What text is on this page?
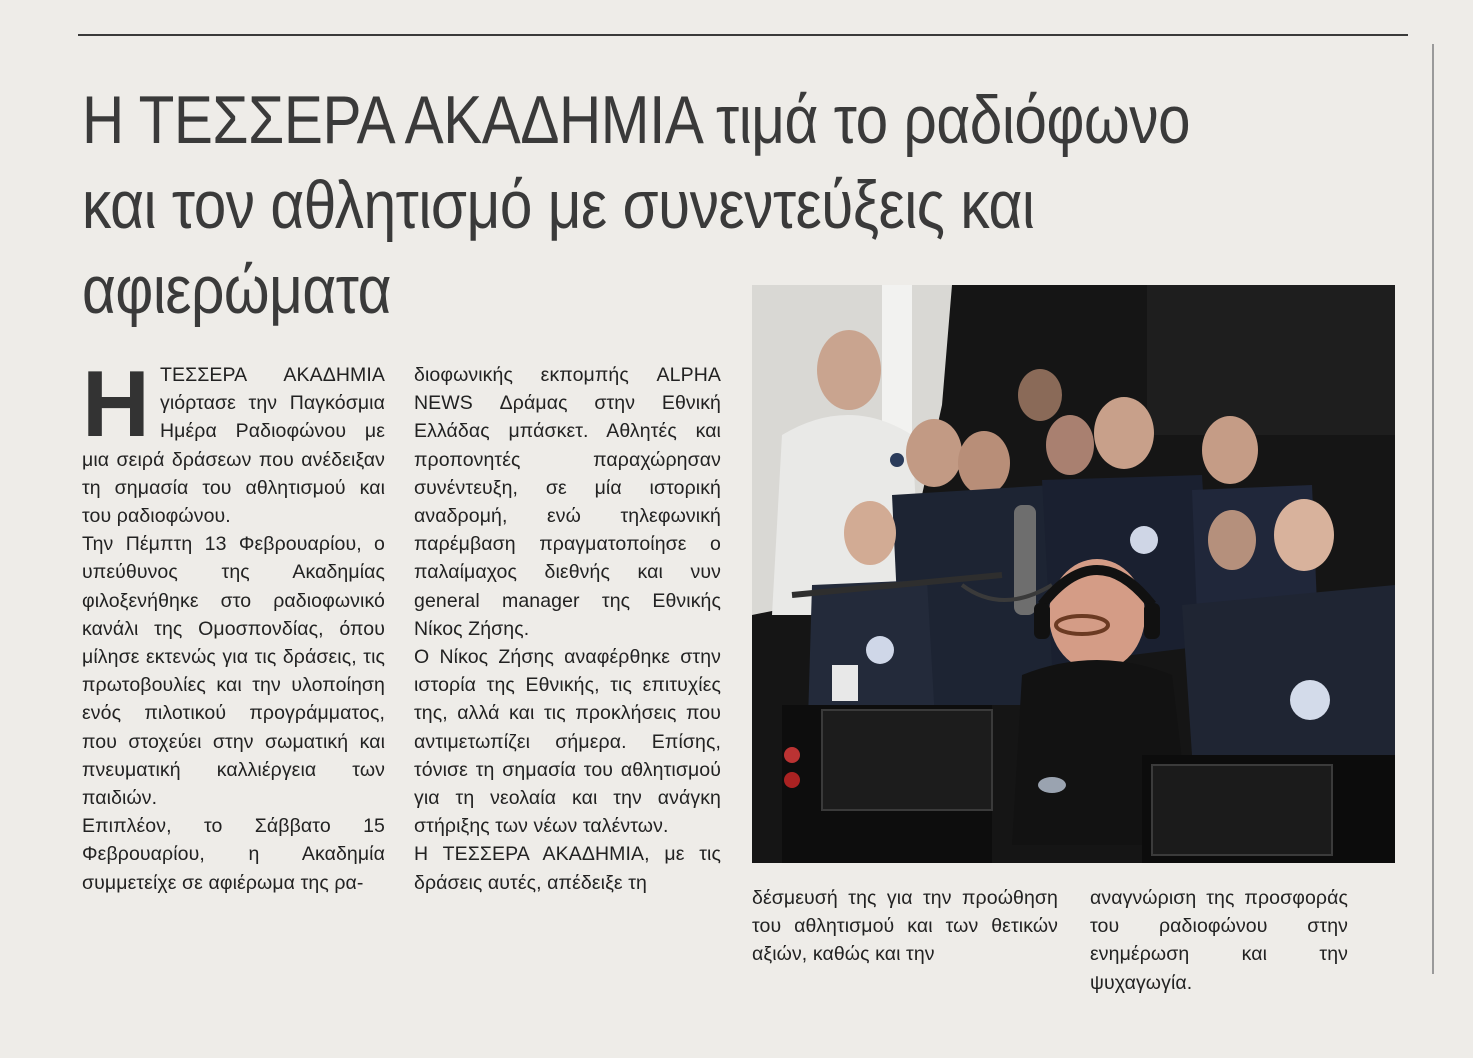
Η ΤΕΣΣΕΡΑ ΑΚΑΔΗΜΙΑ τιμά το ραδιόφωνο και τον αθλητισμό με συνεντεύξεις και αφιερώματα
Η ΤΕΣΣΕΡΑ ΑΚΑΔΗΜΙΑ γιόρτασε την Παγκόσμια Ημέρα Ραδιοφώνου με μια σειρά δράσεων που ανέδειξαν τη σημασία του αθλητισμού και του ραδιοφώνου.

Την Πέμπτη 13 Φεβρουαρίου, ο υπεύθυνος της Ακαδημίας φιλοξενήθηκε στο ραδιοφωνικό κανάλι της Ομοσπονδίας, όπου μίλησε εκτενώς για τις δράσεις, τις πρωτοβουλίες και την υλοποίηση ενός πιλοτικού προγράμματος, που στοχεύει στην σωματική και πνευματική καλλιέργεια των παιδιών.

Επιπλέον, το Σάββατο 15 Φεβρουαρίου, η Ακαδημία συμμετείχε σε αφιέρωμα της ρα-

διοφωνικής εκπομπής ALPHA NEWS Δράμας στην Εθνική Ελλάδας μπάσκετ. Αθλητές και προπονητές παραχώρησαν συνέντευξη, σε μία ιστορική αναδρομή, ενώ τηλεφωνική παρέμβαση πραγματοποίησε ο παλαίμαχος διεθνής και νυν general manager της Εθνικής Νίκος Ζήσης.

Ο Νίκος Ζήσης αναφέρθηκε στην ιστορία της Εθνικής, τις επιτυχίες της, αλλά και τις προκλήσεις που αντιμετωπίζει σήμερα. Επίσης, τόνισε τη σημασία του αθλητισμού για τη νεολαία και την ανάγκη στήριξης των νέων ταλέντων.

Η ΤΕΣΣΕΡΑ ΑΚΑΔΗΜΙΑ, με τις δράσεις αυτές, απέδειξε τη

δέσμευσή της για την προώθηση του αθλητισμού και των θετικών αξιών, καθώς και την

αναγνώριση της προσφοράς του ραδιοφώνου στην ενημέρωση και την ψυχαγωγία.
